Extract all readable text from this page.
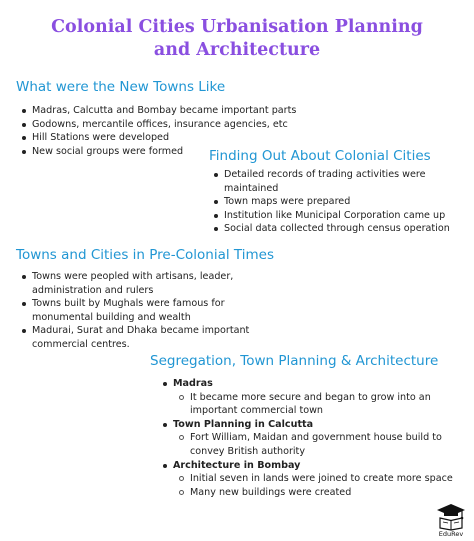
Colonial Cities Urbanisation Planning
and Architecture
What were the New Towns Like
Madras, Calcutta and Bombay became important parts
Godowns, mercantile offices, insurance agencies, etc
Hill Stations were developed
New social groups were formed	Finding Out About Colonial Cities
Detailed records of trading activities were maintained
Town maps were prepared
Institution like Municipal Corporation came up
Social data collected through census operation
Towns and Cities in Pre-Colonial Times
Towns were peopled with artisans, leader, administration and rulers
Towns built by Mughals were famous for monumental building and wealth
Madurai, Surat and Dhaka became important commercial centres.
Segregation, Town Planning & Architecture
Madras
It became more secure and began to grow into an important commercial town
Town Planning in Calcutta
Fort William, Maidan and government house build to convey British authority
Architecture in Bombay
Initial seven in lands were joined to create more space
Many new buildings were created
EduRev
